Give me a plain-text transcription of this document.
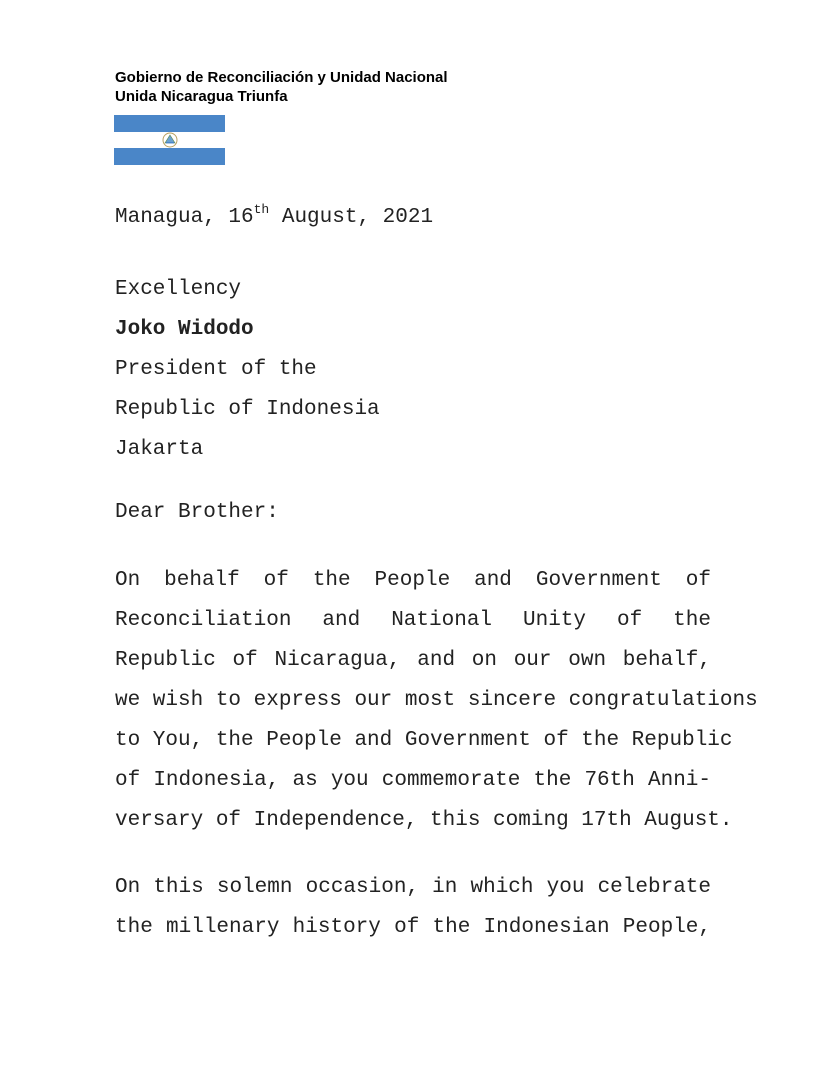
Gobierno de Reconciliación y Unidad Nacional
Unida Nicaragua Triunfa
Managua, 16th August, 2021
Excellency
Joko Widodo
President of the
Republic of Indonesia
Jakarta
Dear Brother:
On behalf of the People and Government of
Reconciliation and National Unity of the
Republic of Nicaragua, and on our own behalf,
we wish to express our most sincere congratulations
to You, the People and Government of the Republic
of Indonesia, as you commemorate the 76th Anni-
versary of Independence, this coming 17th August.
On this solemn occasion, in which you celebrate
the millenary history of the Indonesian People,
